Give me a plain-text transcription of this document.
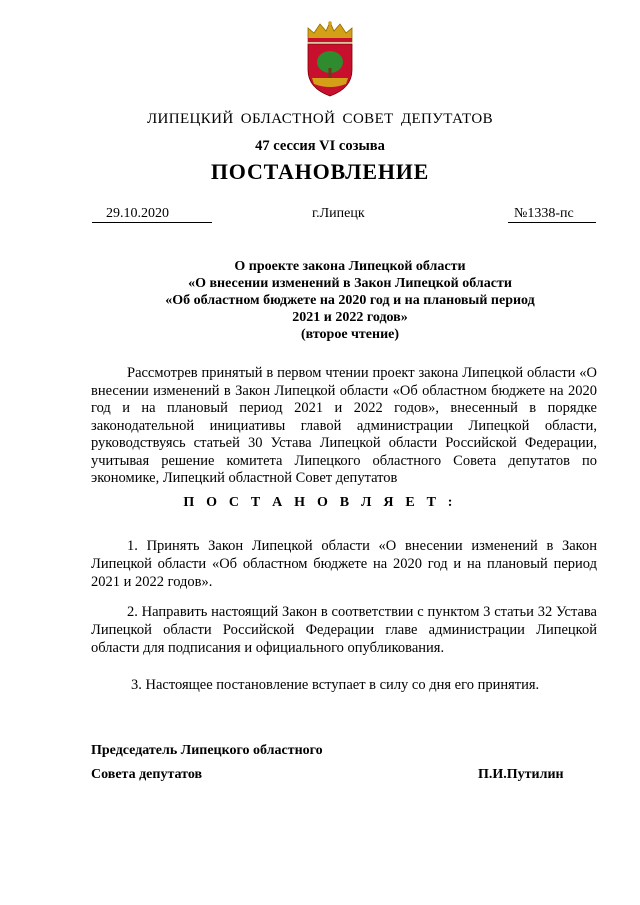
ЛИПЕЦКИЙ ОБЛАСТНОЙ СОВЕТ ДЕПУТАТОВ
47 сессия VI созыва
ПОСТАНОВЛЕНИЕ
29.10.2020	г.Липецк	№1338-пс
О проекте закона Липецкой области
«О внесении изменений в Закон Липецкой области
«Об областном бюджете на 2020 год и на плановый период
2021 и 2022 годов»
(второе чтение)

Рассмотрев принятый в первом чтении проект закона Липецкой области «О внесении изменений в Закон Липецкой области «Об областном бюджете на 2020 год и на плановый период 2021 и 2022 годов», внесенный в порядке законодательной инициативы главой администрации Липецкой области, руководствуясь статьей 30 Устава Липецкой области Российской Федерации, учитывая решение комитета Липецкого областного Совета депутатов по экономике, Липецкий областной Совет депутатов

П О С Т А Н О В Л Я Е Т :

1. Принять Закон Липецкой области «О внесении изменений в Закон Липецкой области «Об областном бюджете на 2020 год и на плановый период 2021 и 2022 годов».

2. Направить настоящий Закон в соответствии с пунктом 3 статьи 32 Устава Липецкой области Российской Федерации главе администрации Липецкой области для подписания и официального опубликования.

3. Настоящее постановление вступает в силу со дня его принятия.

Председатель Липецкого областного
Совета депутатов	П.И.Путилин
